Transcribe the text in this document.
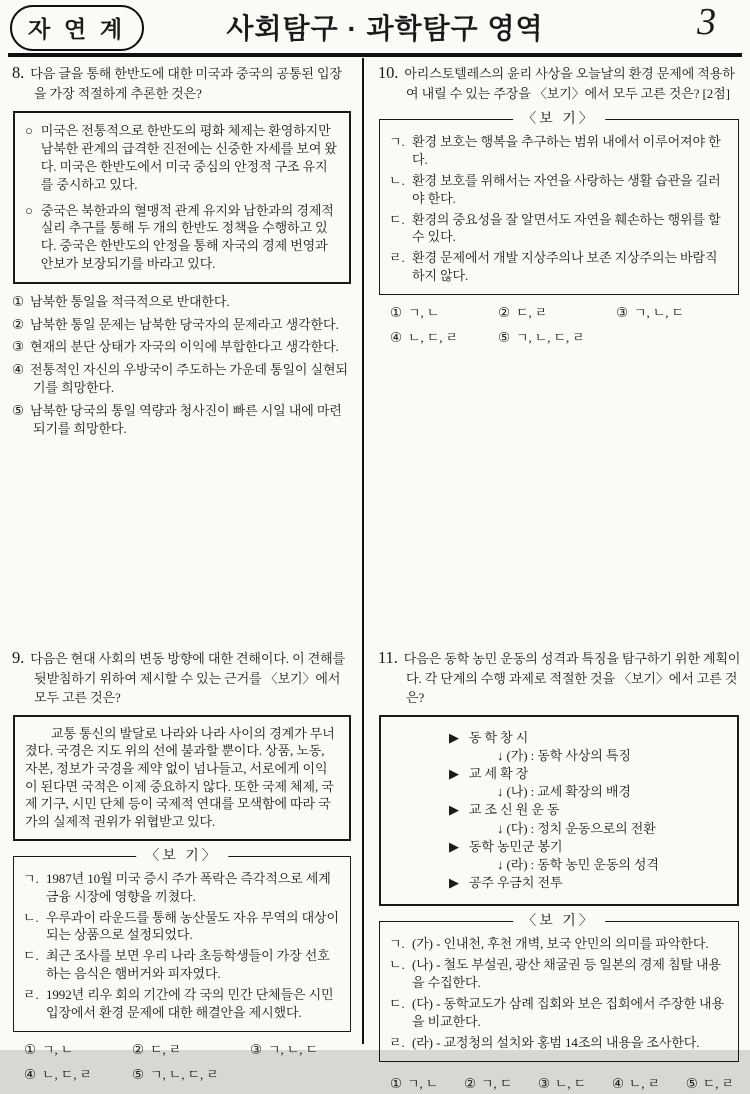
자 연 계	사회탐구 · 과학탐구 영역	3
8. 다음 글을 통해 한반도에 대한 미국과 중국의 공통된 입장을 가장 적절하게 추론한 것은?
○ 미국은 전통적으로 한반도의 평화 체제는 환영하지만 남북한 관계의 급격한 진전에는 신중한 자세를 보여 왔다. 미국은 한반도에서 미국 중심의 안정적 구조 유지를 중시하고 있다.
○ 중국은 북한과의 혈맹적 관계 유지와 남한과의 경제적 실리 추구를 통해 두 개의 한반도 정책을 수행하고 있다. 중국은 한반도의 안정을 통해 자국의 경제 번영과 안보가 보장되기를 바라고 있다.
① 남북한 통일을 적극적으로 반대한다.
② 남북한 통일 문제는 남북한 당국자의 문제라고 생각한다.
③ 현재의 분단 상태가 자국의 이익에 부합한다고 생각한다.
④ 전통적인 자신의 우방국이 주도하는 가운데 통일이 실현되기를 희망한다.
⑤ 남북한 당국의 통일 역량과 청사진이 빠른 시일 내에 마련되기를 희망한다.
9. 다음은 현대 사회의 변동 방향에 대한 견해이다. 이 견해를 뒷받침하기 위하여 제시할 수 있는 근거를 〈보기〉에서 모두 고른 것은?

교통 통신의 발달로 나라와 나라 사이의 경계가 무너졌다. 국경은 지도 위의 선에 불과할 뿐이다. 상품, 노동, 자본, 정보가 국경을 제약 없이 넘나들고, 서로에게 이익이 된다면 국적은 이제 중요하지 않다. 또한 국제 체제, 국제 기구, 시민 단체 등이 국제적 연대를 모색함에 따라 국가의 실제적 권위가 위협받고 있다.

〈보 기〉
ㄱ. 1987년 10월 미국 증시 주가 폭락은 즉각적으로 세계 금융 시장에 영향을 끼쳤다.
ㄴ. 우루과이 라운드를 통해 농산물도 자유 무역의 대상이 되는 상품으로 설정되었다.
ㄷ. 최근 조사를 보면 우리 나라 초등학생들이 가장 선호하는 음식은 햄버거와 피자였다.
ㄹ. 1992년 리우 회의 기간에 각 국의 민간 단체들은 시민 입장에서 환경 문제에 대한 해결안을 제시했다.
① ㄱ, ㄴ	② ㄷ, ㄹ	③ ㄱ, ㄴ, ㄷ
④ ㄴ, ㄷ, ㄹ	⑤ ㄱ, ㄴ, ㄷ, ㄹ
10. 아리스토텔레스의 윤리 사상을 오늘날의 환경 문제에 적용하여 내릴 수 있는 주장을 〈보기〉에서 모두 고른 것은? [2점]
〈보 기〉
ㄱ. 환경 보호는 행복을 추구하는 범위 내에서 이루어져야 한다.
ㄴ. 환경 보호를 위해서는 자연을 사랑하는 생활 습관을 길러야 한다.
ㄷ. 환경의 중요성을 잘 알면서도 자연을 훼손하는 행위를 할 수 있다.
ㄹ. 환경 문제에서 개발 지상주의나 보존 지상주의는 바람직하지 않다.
① ㄱ, ㄴ	② ㄷ, ㄹ	③ ㄱ, ㄴ, ㄷ
④ ㄴ, ㄷ, ㄹ	⑤ ㄱ, ㄴ, ㄷ, ㄹ
11. 다음은 동학 농민 운동의 성격과 특징을 탐구하기 위한 계획이다. 각 단계의 수행 과제로 적절한 것을 〈보기〉에서 고른 것은?
▶ 동 학 창 시
↓ (가) : 동학 사상의 특징
▶ 교 세 확 장
↓ (나) : 교세 확장의 배경
▶ 교 조 신 원 운 동
↓ (다) : 정치 운동으로의 전환
▶ 동학 농민군 봉기
↓ (라) : 동학 농민 운동의 성격
▶ 공주 우금치 전투
〈보 기〉
ㄱ. (가) - 인내천, 후천 개벽, 보국 안민의 의미를 파악한다.
ㄴ. (나) - 철도 부설권, 광산 채굴권 등 일본의 경제 침탈 내용을 수집한다.
ㄷ. (다) - 동학교도가 삼례 집회와 보은 집회에서 주장한 내용을 비교한다.
ㄹ. (라) - 교정청의 설치와 홍범 14조의 내용을 조사한다.
① ㄱ, ㄴ ② ㄱ, ㄷ ③ ㄴ, ㄷ ④ ㄴ, ㄹ ⑤ ㄷ, ㄹ
